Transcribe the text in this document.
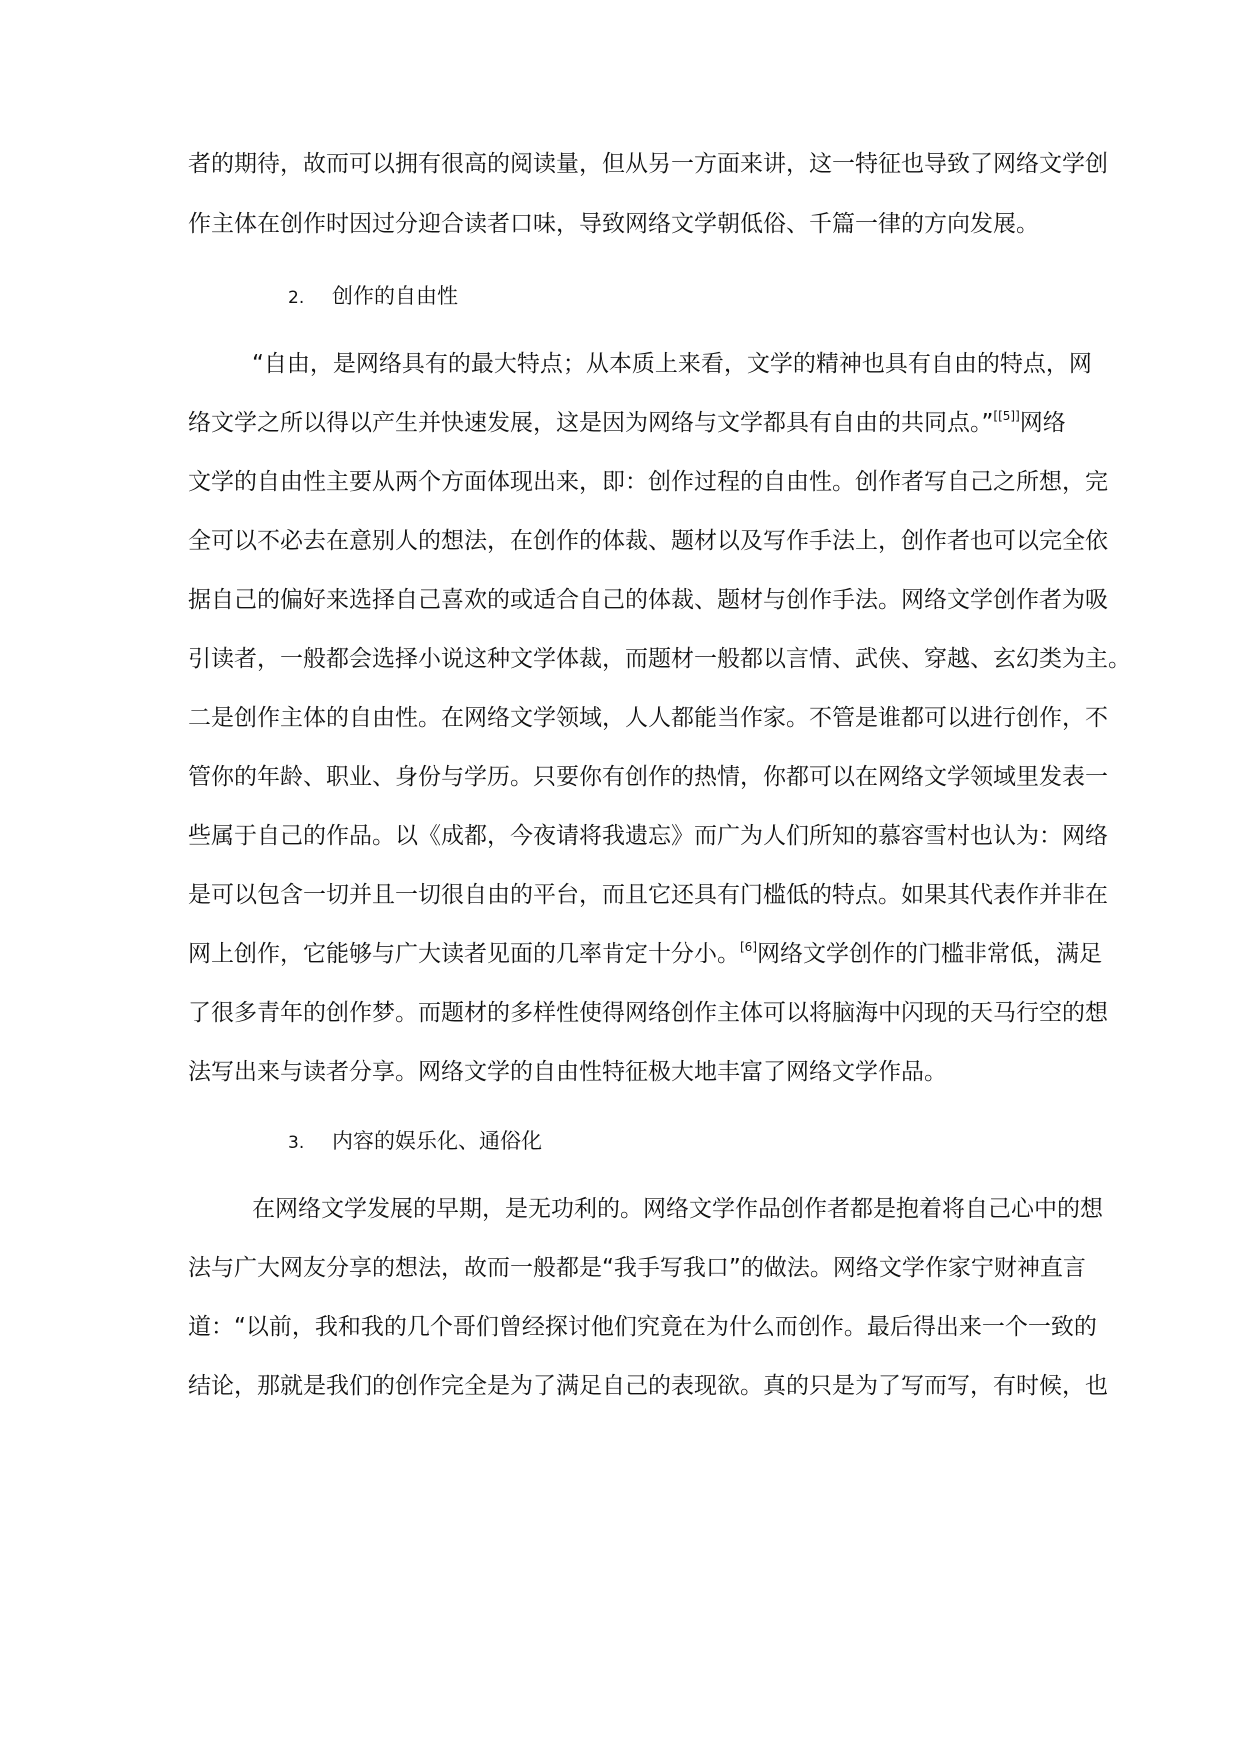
者的期待，故而可以拥有很高的阅读量，但从另一方面来讲，这一特征也导致了网络文学创
作主体在创作时因过分迎合读者口味，导致网络文学朝低俗、千篇一律的方向发展。
2. 创作的自由性
“自由，是网络具有的最大特点；从本质上来看，文学的精神也具有自由的特点，网
络文学之所以得以产生并快速发展，这是因为网络与文学都具有自由的共同点。”[[5]]网络
文学的自由性主要从两个方面体现出来，即：创作过程的自由性。创作者写自己之所想，完
全可以不必去在意别人的想法，在创作的体裁、题材以及写作手法上，创作者也可以完全依
据自己的偏好来选择自己喜欢的或适合自己的体裁、题材与创作手法。网络文学创作者为吸
引读者，一般都会选择小说这种文学体裁，而题材一般都以言情、武侠、穿越、玄幻类为主。
二是创作主体的自由性。在网络文学领域，人人都能当作家。不管是谁都可以进行创作，不
管你的年龄、职业、身份与学历。只要你有创作的热情，你都可以在网络文学领域里发表一
些属于自己的作品。以《成都，今夜请将我遗忘》而广为人们所知的慕容雪村也认为：网络
是可以包含一切并且一切很自由的平台，而且它还具有门槛低的特点。如果其代表作并非在
网上创作，它能够与广大读者见面的几率肯定十分小。[6]网络文学创作的门槛非常低，满足
了很多青年的创作梦。而题材的多样性使得网络创作主体可以将脑海中闪现的天马行空的想
法写出来与读者分享。网络文学的自由性特征极大地丰富了网络文学作品。
3. 内容的娱乐化、通俗化
在网络文学发展的早期，是无功利的。网络文学作品创作者都是抱着将自己心中的想
法与广大网友分享的想法，故而一般都是“我手写我口”的做法。网络文学作家宁财神直言
道：“以前，我和我的几个哥们曾经探讨他们究竟在为什么而创作。最后得出来一个一致的
结论，那就是我们的创作完全是为了满足自己的表现欲。真的只是为了写而写，有时候，也
